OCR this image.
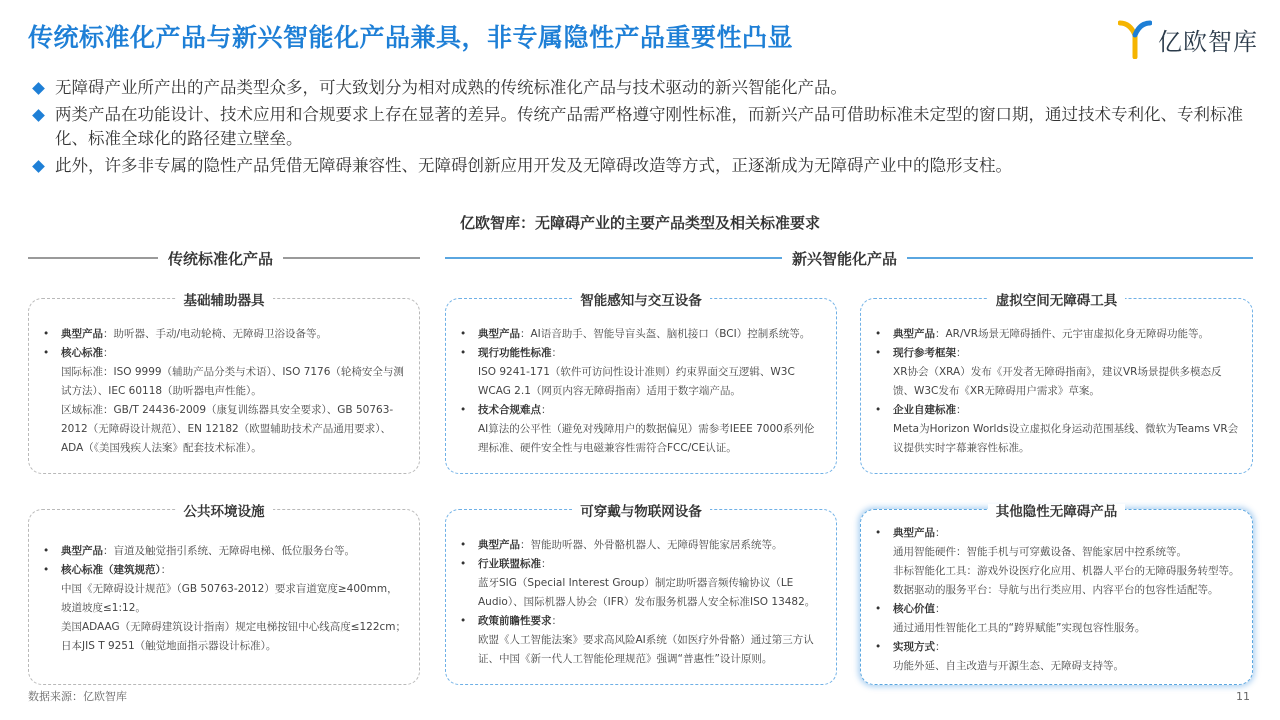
传统标准化产品与新兴智能化产品兼具，非专属隐性产品重要性凸显	亿欧智库
无障碍产业所产出的产品类型众多，可大致划分为相对成熟的传统标准化产品与技术驱动的新兴智能化产品。
两类产品在功能设计、技术应用和合规要求上存在显著的差异。传统产品需严格遵守刚性标准，而新兴产品可借助标准未定型的窗口期，通过技术专利化、专利标准化、标准全球化的路径建立壁垒。
此外，许多非专属的隐性产品凭借无障碍兼容性、无障碍创新应用开发及无障碍改造等方式，正逐渐成为无障碍产业中的隐形支柱。
亿欧智库：无障碍产业的主要产品类型及相关标准要求
传统标准化产品	新兴智能化产品
基础辅助器具
• 典型产品：助听器、手动/电动轮椅、无障碍卫浴设备等。
• 核心标准：
国际标准：ISO 9999（辅助产品分类与术语）、ISO 7176（轮椅安全与测试方法）、IEC 60118（助听器电声性能）。
区域标准：GB/T 24436-2009（康复训练器具安全要求）、GB 50763-2012（无障碍设计规范）、EN 12182（欧盟辅助技术产品通用要求）、ADA（《美国残疾人法案》配套技术标准）。
智能感知与交互设备
• 典型产品：AI语音助手、智能导盲头盔、脑机接口（BCI）控制系统等。
• 现行功能性标准：
ISO 9241-171（软件可访问性设计准则）约束界面交互逻辑、W3C WCAG 2.1（网页内容无障碍指南）适用于数字端产品。
• 技术合规难点：
AI算法的公平性（避免对残障用户的数据偏见）需参考IEEE 7000系列伦理标准、硬件安全性与电磁兼容性需符合FCC/CE认证。
虚拟空间无障碍工具
• 典型产品：AR/VR场景无障碍插件、元宇宙虚拟化身无障碍功能等。
• 现行参考框架：
XR协会（XRA）发布《开发者无障碍指南》，建议VR场景提供多模态反馈、W3C发布《XR无障碍用户需求》草案。
• 企业自建标准：
Meta为Horizon Worlds设立虚拟化身运动范围基线、微软为Teams VR会议提供实时字幕兼容性标准。
公共环境设施
• 典型产品：盲道及触觉指引系统、无障碍电梯、低位服务台等。
• 核心标准（建筑规范）：
中国《无障碍设计规范》（GB 50763-2012）要求盲道宽度≥400mm，坡道坡度≤1:12。
美国ADAAG（无障碍建筑设计指南）规定电梯按钮中心线高度≤122cm；日本JIS T 9251（触觉地面指示器设计标准）。
可穿戴与物联网设备
• 典型产品：智能助听器、外骨骼机器人、无障碍智能家居系统等。
• 行业联盟标准：
蓝牙SIG（Special Interest Group）制定助听器音频传输协议（LE Audio）、国际机器人协会（IFR）发布服务机器人安全标准ISO 13482。
• 政策前瞻性要求：
欧盟《人工智能法案》要求高风险AI系统（如医疗外骨骼）通过第三方认证、中国《新一代人工智能伦理规范》强调“普惠性”设计原则。
其他隐性无障碍产品
• 典型产品：
通用智能硬件：智能手机与可穿戴设备、智能家居中控系统等。
非标智能化工具：游戏外设医疗化应用、机器人平台的无障碍服务转型等。
数据驱动的服务平台：导航与出行类应用、内容平台的包容性适配等。
• 核心价值：
通过通用性智能化工具的“跨界赋能”实现包容性服务。
• 实现方式：
功能外延、自主改造与开源生态、无障碍支持等。
数据来源：亿欧智库	11
